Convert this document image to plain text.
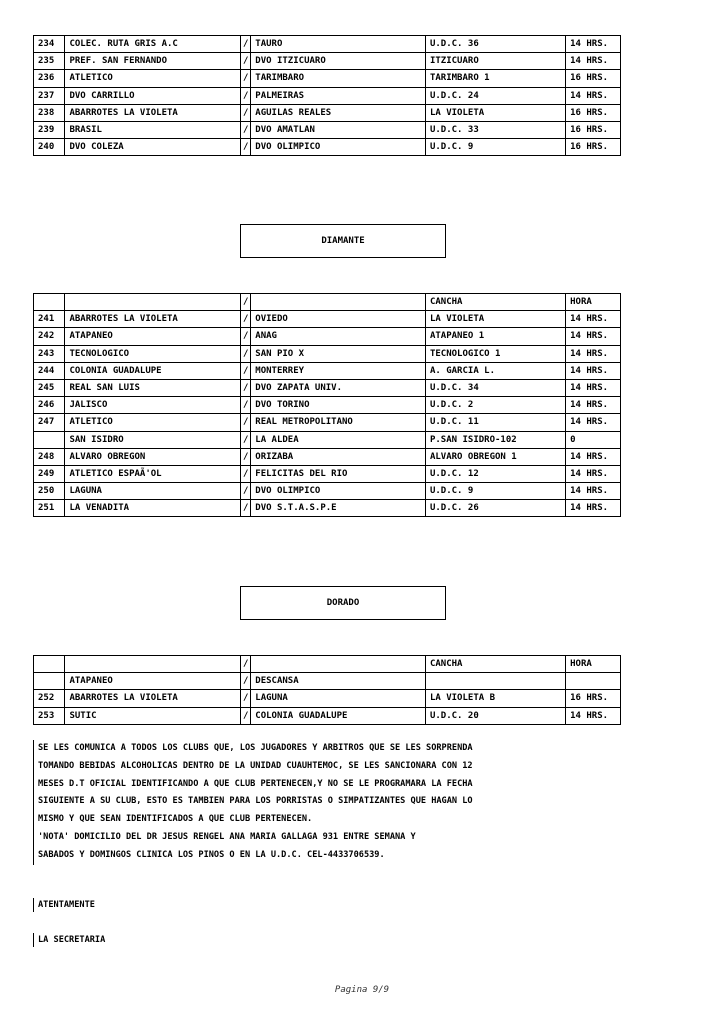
234	COLEC. RUTA GRIS A.C	/	TAURO	U.D.C. 36	14 HRS.
235	PREF. SAN FERNANDO	/	DVO ITZICUARO	ITZICUARO	14 HRS.
236	ATLETICO	/	TARIMBARO	TARIMBARO 1	16 HRS.
237	DVO CARRILLO	/	PALMEIRAS	U.D.C. 24	14 HRS.
238	ABARROTES LA VIOLETA	/	AGUILAS REALES	LA VIOLETA	16 HRS.
239	BRASIL	/	DVO AMATLAN	U.D.C. 33	16 HRS.
240	DVO COLEZA	/	DVO OLIMPICO	U.D.C. 9	16 HRS.
DIAMANTE
		/		CANCHA	HORA
241	ABARROTES LA VIOLETA	/	OVIEDO	LA VIOLETA	14 HRS.
242	ATAPANEO	/	ANAG	ATAPANEO 1	14 HRS.
243	TECNOLOGICO	/	SAN PIO X	TECNOLOGICO 1	14 HRS.
244	COLONIA GUADALUPE	/	MONTERREY	A. GARCIA L.	14 HRS.
245	REAL SAN LUIS	/	DVO ZAPATA UNIV.	U.D.C. 34	14 HRS.
246	JALISCO	/	DVO TORINO	U.D.C. 2	14 HRS.
247	ATLETICO	/	REAL METROPOLITANO	U.D.C. 11	14 HRS.
	SAN ISIDRO	/	LA ALDEA	P.SAN ISIDRO-102	0
248	ALVARO OBREGON	/	ORIZABA	ALVARO OBREGON 1	14 HRS.
249	ATLETICO ESPAÃ'OL	/	FELICITAS DEL RIO	U.D.C. 12	14 HRS.
250	LAGUNA	/	DVO OLIMPICO	U.D.C. 9	14 HRS.
251	LA VENADITA	/	DVO S.T.A.S.P.E	U.D.C. 26	14 HRS.
DORADO
		/		CANCHA	HORA
	ATAPANEO	/	DESCANSA		
252	ABARROTES LA VIOLETA	/	LAGUNA	LA VIOLETA B	16 HRS.
253	SUTIC	/	COLONIA GUADALUPE	U.D.C. 20	14 HRS.
SE LES COMUNICA A TODOS LOS CLUBS QUE, LOS JUGADORES Y ARBITROS QUE SE LES SORPRENDA
TOMANDO BEBIDAS ALCOHOLICAS DENTRO DE LA UNIDAD CUAUHTEMOC, SE LES SANCIONARA CON 12
MESES D.T OFICIAL IDENTIFICANDO A QUE CLUB PERTENECEN,Y NO SE LE PROGRAMARA LA FECHA
SIGUIENTE A SU CLUB, ESTO ES TAMBIEN PARA LOS PORRISTAS O SIMPATIZANTES QUE HAGAN LO
MISMO Y QUE SEAN IDENTIFICADOS A QUE CLUB PERTENECEN.
'NOTA' DOMICILIO DEL DR JESUS RENGEL ANA MARIA GALLAGA 931 ENTRE SEMANA Y
SABADOS Y DOMINGOS CLINICA LOS PINOS O EN LA U.D.C. CEL-4433706539.
ATENTAMENTE
LA SECRETARIA
Pagina 9/9
